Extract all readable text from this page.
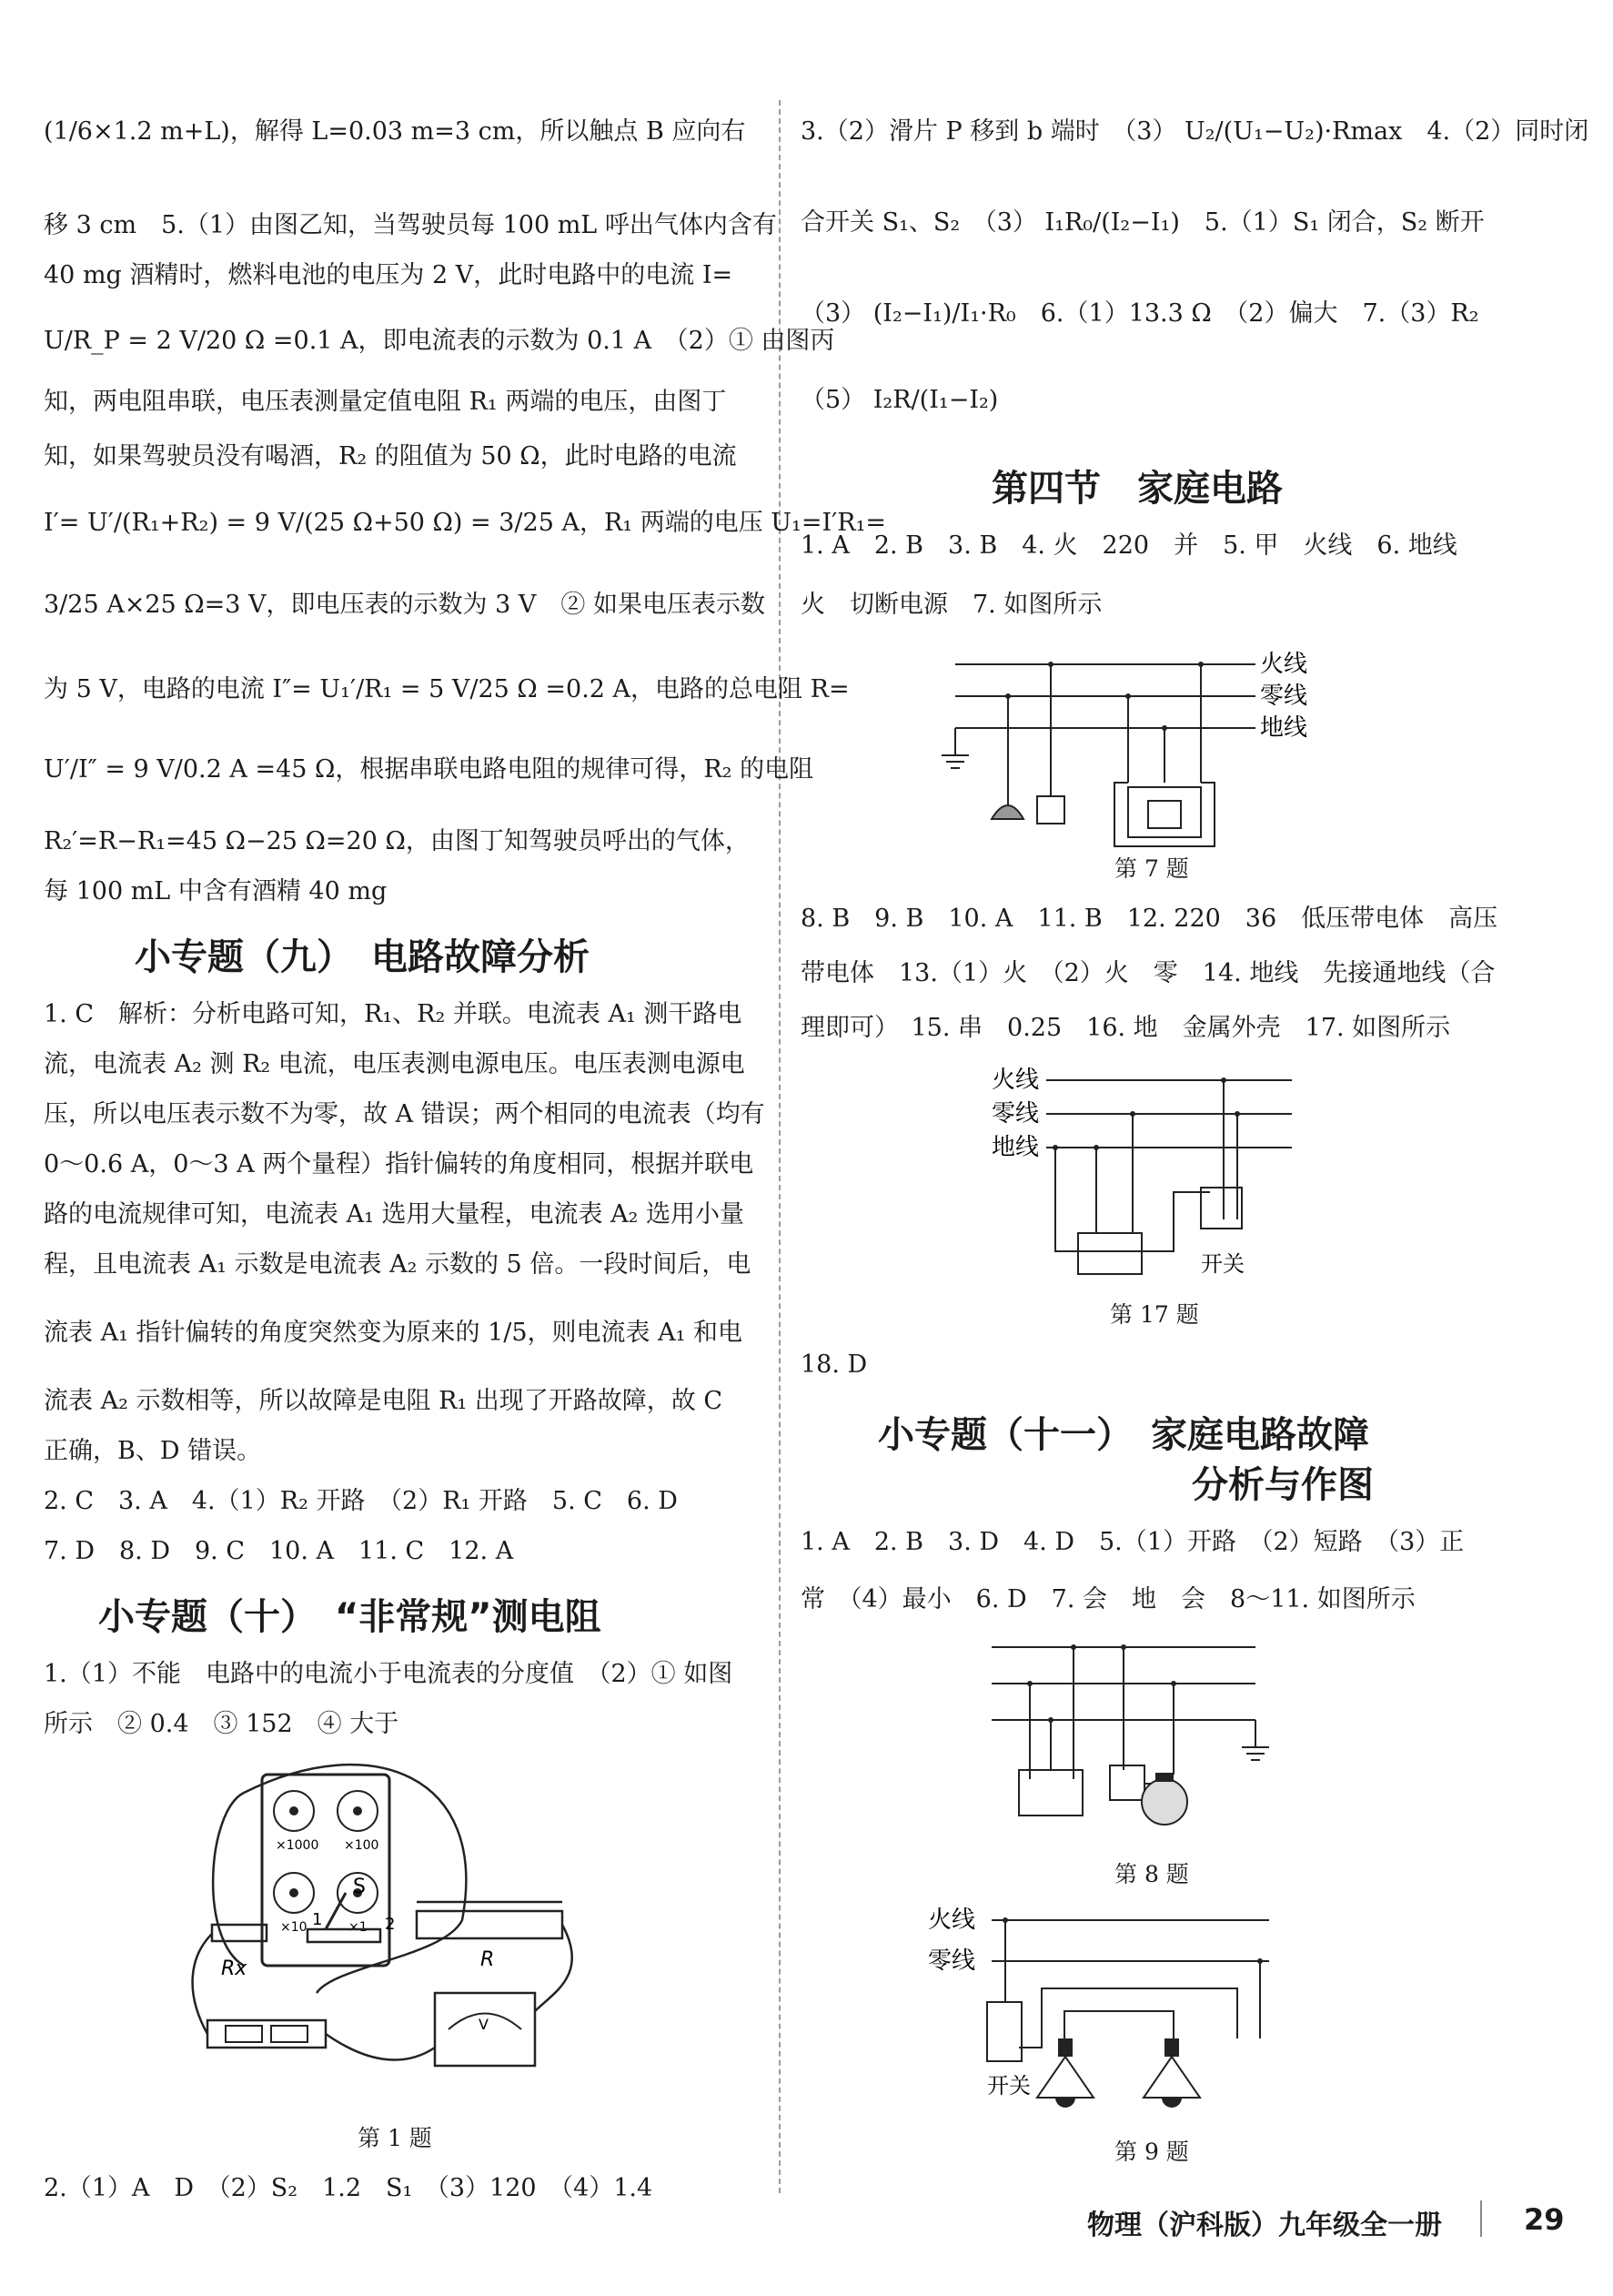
(1/6×1.2 m+L)，解得 L=0.03 m=3 cm，所以触点 B 应向右
移 3 cm　5.（1）由图乙知，当驾驶员每 100 mL 呼出气体内含有
40 mg 酒精时，燃料电池的电压为 2 V，此时电路中的电流 I=
U/R_P = 2 V/20 Ω =0.1 A，即电流表的示数为 0.1 A　（2）① 由图丙
知，两电阻串联，电压表测量定值电阻 R₁ 两端的电压，由图丁
知，如果驾驶员没有喝酒，R₂ 的阻值为 50 Ω，此时电路的电流
I′= U′/(R₁+R₂) = 9 V/(25 Ω+50 Ω) = 3/25 A，R₁ 两端的电压 U₁=I′R₁=
3/25 A×25 Ω=3 V，即电压表的示数为 3 V　② 如果电压表示数
为 5 V，电路的电流 I″= U₁′/R₁ = 5 V/25 Ω =0.2 A，电路的总电阻 R=
U′/I″ = 9 V/0.2 A =45 Ω，根据串联电路电阻的规律可得，R₂ 的电阻
R₂′=R−R₁=45 Ω−25 Ω=20 Ω，由图丁知驾驶员呼出的气体，
每 100 mL 中含有酒精 40 mg
小专题（九）　电路故障分析
1. C　解析：分析电路可知，R₁、R₂ 并联。电流表 A₁ 测干路电
流，电流表 A₂ 测 R₂ 电流，电压表测电源电压。电压表测电源电
压，所以电压表示数不为零，故 A 错误；两个相同的电流表（均有
0～0.6 A，0～3 A 两个量程）指针偏转的角度相同，根据并联电
路的电流规律可知，电流表 A₁ 选用大量程，电流表 A₂ 选用小量
程，且电流表 A₁ 示数是电流表 A₂ 示数的 5 倍。一段时间后，电
流表 A₁ 指针偏转的角度突然变为原来的 1/5，则电流表 A₁ 和电
流表 A₂ 示数相等，所以故障是电阻 R₁ 出现了开路故障，故 C
正确，B、D 错误。
2. C　3. A　4.（1）R₂ 开路　（2）R₁ 开路　5. C　6. D
7. D　8. D　9. C　10. A　11. C　12. A
小专题（十）　“非常规”测电阻
1.（1）不能　电路中的电流小于电流表的分度值　（2）① 如图
所示　② 0.4　③ 152　④ 大于
×1000 ×100
×10	×1
Rx
S
1	2
R
V
第 1 题
2.（1）A　D　（2）S₂　1.2　S₁　（3）120　（4）1.4
3.（2）滑片 P 移到 b 端时　（3） U₂/(U₁−U₂)·Rmax　4.（2）同时闭
合开关 S₁、S₂　（3） I₁R₀/(I₂−I₁)　5.（1）S₁ 闭合，S₂ 断开
（3） (I₂−I₁)/I₁·R₀　6.（1）13.3 Ω　（2）偏大　7.（3）R₂
（5） I₂R/(I₁−I₂)
第四节　家庭电路
1. A　2. B　3. B　4. 火　220　并　5. 甲　火线　6. 地线
火　切断电源　7. 如图所示
火线
零线
地线
第 7 题
8. B　9. B　10. A　11. B　12. 220　36　低压带电体　高压
带电体　13.（1）火　（2）火　零　14. 地线　先接通地线（合
理即可）　15. 串　0.25　16. 地　金属外壳　17. 如图所示
火线
零线
地线
开关
第 17 题
18. D
小专题（十一）　家庭电路故障
分析与作图
1. A　2. B　3. D　4. D　5.（1）开路　（2）短路　（3）正
常　（4）最小　6. D　7. 会　地　会　8～11. 如图所示
第 8 题
火线
零线
开关
第 9 题
物理（沪科版）九年级全一册	29
